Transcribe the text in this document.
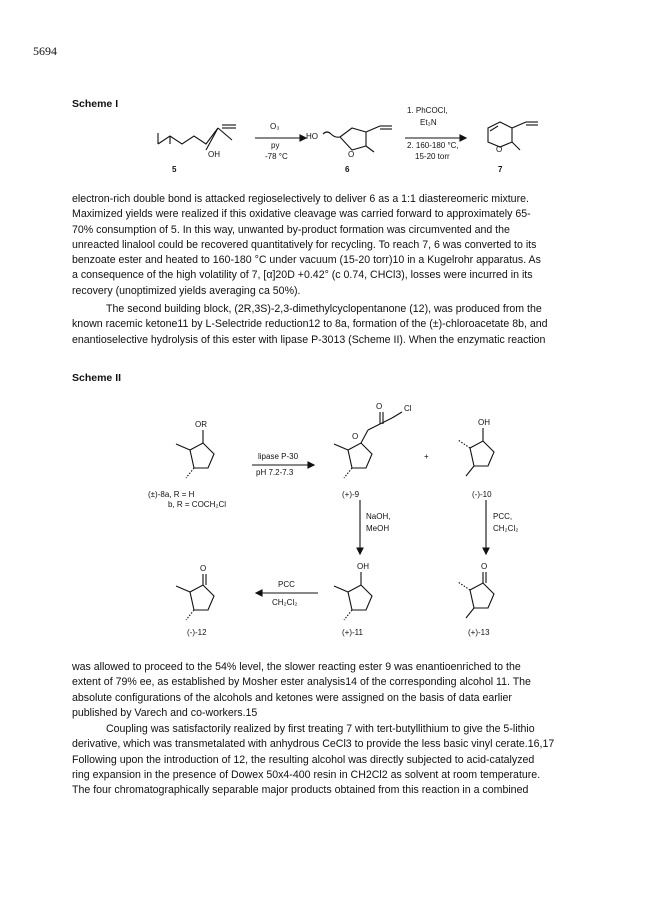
5694
Scheme I
OH
5
O₃
py
-78 °C
HO
O
6
1. PhCOCl,
Et₃N
2. 160-180 °C,
15-20 torr
O
7

electron-rich double bond is attacked regioselectively to deliver 6 as a 1:1 diastereomeric mixture.

Maximized yields were realized if this oxidative cleavage was carried forward to approximately 65-

70% consumption of 5. In this way, unwanted by-product formation was circumvented and the

unreacted linalool could be recovered quantitatively for recycling. To reach 7, 6 was converted to its

benzoate ester and heated to 160-180 °C under vacuum (15-20 torr)10 in a Kugelrohr apparatus. As

a consequence of the high volatility of 7, [α]20D +0.42° (c 0.74, CHCl3), losses were incurred in its

recovery (unoptimized yields averaging ca 50%).

The second building block, (2R,3S)-2,3-dimethylcyclopentanone (12), was produced from the

known racemic ketone11 by L-Selectride reduction12 to 8a, formation of the (±)-chloroacetate 8b, and

enantioselective hydrolysis of this ester with lipase P-3013 (Scheme II). When the enzymatic reaction

Scheme II
OR
lipase P-30
pH 7.2-7.3
O	Cl
O
+
OH
(±)-8a, R = H
b, R = COCH₂Cl
(+)-9	(-)-10
NaOH,
MeOH
PCC,
CH₂Cl₂
O	OH	O
PCC
CH₂Cl₂
(-)-12	(+)-11	(+)-13

was allowed to proceed to the 54% level, the slower reacting ester 9 was enantioenriched to the

extent of 79% ee, as established by Mosher ester analysis14 of the corresponding alcohol 11. The

absolute configurations of the alcohols and ketones were assigned on the basis of data earlier

published by Varech and co-workers.15

Coupling was satisfactorily realized by first treating 7 with tert-butyllithium to give the 5-lithio

derivative, which was transmetalated with anhydrous CeCl3 to provide the less basic vinyl cerate.16,17

Following upon the introduction of 12, the resulting alcohol was directly subjected to acid-catalyzed

ring expansion in the presence of Dowex 50x4-400 resin in CH2Cl2 as solvent at room temperature.

The four chromatographically separable major products obtained from this reaction in a combined
